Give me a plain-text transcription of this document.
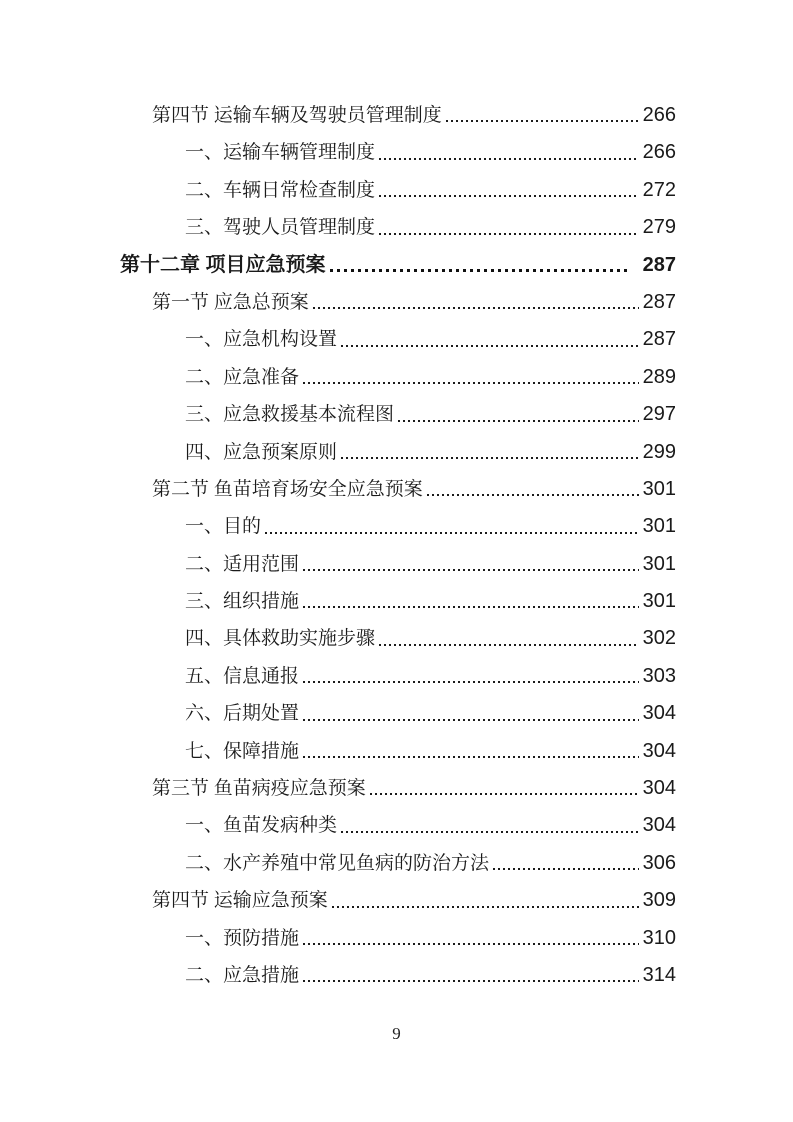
第四节 运输车辆及驾驶员管理制度	266
一、运输车辆管理制度	266
二、车辆日常检查制度	272
三、驾驶人员管理制度	279
第十二章 项目应急预案	287
第一节 应急总预案	287
一、应急机构设置	287
二、应急准备	289
三、应急救援基本流程图	297
四、应急预案原则	299
第二节 鱼苗培育场安全应急预案	301
一、目的	301
二、适用范围	301
三、组织措施	301
四、具体救助实施步骤	302
五、信息通报	303
六、后期处置	304
七、保障措施	304
第三节 鱼苗病疫应急预案	304
一、鱼苗发病种类	304
二、水产养殖中常见鱼病的防治方法	306
第四节 运输应急预案	309
一、预防措施	310
二、应急措施	314
9
